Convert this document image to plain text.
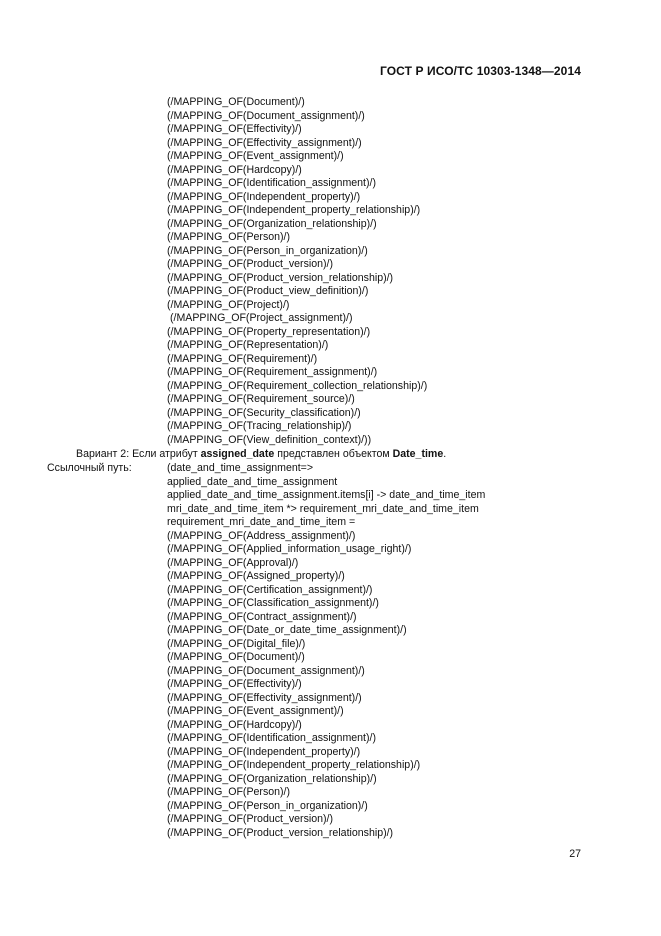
ГОСТ Р ИСО/ТС 10303-1348—2014
(/MAPPING_OF(Document)/)
(/MAPPING_OF(Document_assignment)/)
(/MAPPING_OF(Effectivity)/)
(/MAPPING_OF(Effectivity_assignment)/)
(/MAPPING_OF(Event_assignment)/)
(/MAPPING_OF(Hardcopy)/)
(/MAPPING_OF(Identification_assignment)/)
(/MAPPING_OF(Independent_property)/)
(/MAPPING_OF(Independent_property_relationship)/)
(/MAPPING_OF(Organization_relationship)/)
(/MAPPING_OF(Person)/)
(/MAPPING_OF(Person_in_organization)/)
(/MAPPING_OF(Product_version)/)
(/MAPPING_OF(Product_version_relationship)/)
(/MAPPING_OF(Product_view_definition)/)
(/MAPPING_OF(Project)/)
(/MAPPING_OF(Project_assignment)/)
(/MAPPING_OF(Property_representation)/)
(/MAPPING_OF(Representation)/)
(/MAPPING_OF(Requirement)/)
(/MAPPING_OF(Requirement_assignment)/)
(/MAPPING_OF(Requirement_collection_relationship)/)
(/MAPPING_OF(Requirement_source)/)
(/MAPPING_OF(Security_classification)/)
(/MAPPING_OF(Tracing_relationship)/)
(/MAPPING_OF(View_definition_context)/))
Вариант 2: Если атрибут assigned_date представлен объектом Date_time.
Ссылочный путь:	(date_and_time_assignment=>
applied_date_and_time_assignment
applied_date_and_time_assignment.items[i] -> date_and_time_item
mri_date_and_time_item *> requirement_mri_date_and_time_item
requirement_mri_date_and_time_item =
(/MAPPING_OF(Address_assignment)/)
(/MAPPING_OF(Applied_information_usage_right)/)
(/MAPPING_OF(Approval)/)
(/MAPPING_OF(Assigned_property)/)
(/MAPPING_OF(Certification_assignment)/)
(/MAPPING_OF(Classification_assignment)/)
(/MAPPING_OF(Contract_assignment)/)
(/MAPPING_OF(Date_or_date_time_assignment)/)
(/MAPPING_OF(Digital_file)/)
(/MAPPING_OF(Document)/)
(/MAPPING_OF(Document_assignment)/)
(/MAPPING_OF(Effectivity)/)
(/MAPPING_OF(Effectivity_assignment)/)
(/MAPPING_OF(Event_assignment)/)
(/MAPPING_OF(Hardcopy)/)
(/MAPPING_OF(Identification_assignment)/)
(/MAPPING_OF(Independent_property)/)
(/MAPPING_OF(Independent_property_relationship)/)
(/MAPPING_OF(Organization_relationship)/)
(/MAPPING_OF(Person)/)
(/MAPPING_OF(Person_in_organization)/)
(/MAPPING_OF(Product_version)/)
(/MAPPING_OF(Product_version_relationship)/)
27
